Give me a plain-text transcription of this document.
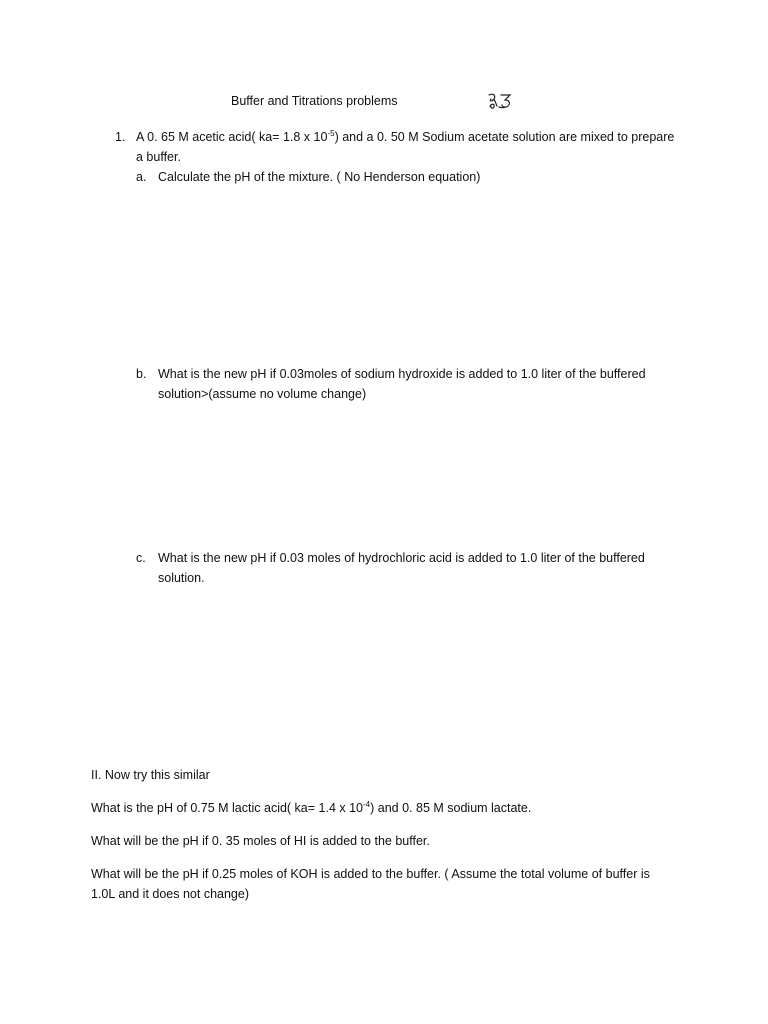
Buffer and Titrations problems
1. A 0. 65 M acetic acid( ka= 1.8 x $10^{-5}$) and a 0. 50 M Sodium acetate solution are mixed to prepare
a buffer.
a. Calculate the pH of the mixture. ( No Henderson equation)
b. What is the new pH if 0.03moles of sodium hydroxide is added to 1.0 liter of the buffered
solution>(assume no volume change)
c. What is the new pH if 0.03 moles of hydrochloric acid is added to 1.0 liter of the buffered
solution.
II. Now try this similar
What is the pH of 0.75 M lactic acid( ka= 1.4 x $10^{-4}$) and 0. 85 M sodium lactate.
What will be the pH if 0. 35 moles of HI is added to the buffer.
What will be the pH if 0.25 moles of KOH is added to the buffer. ( Assume the total volume of buffer is
1.0L and it does not change)
